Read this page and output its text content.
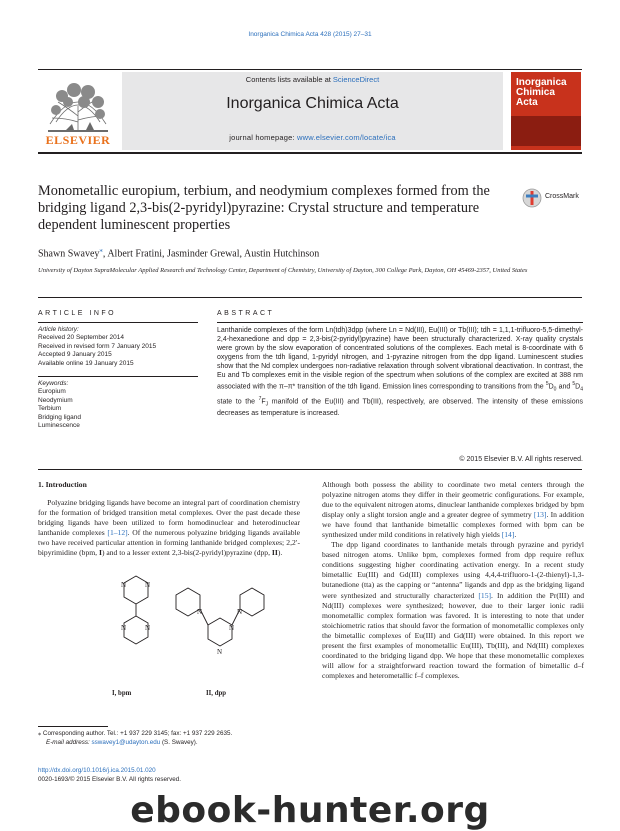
Inorganica Chimica Acta 428 (2015) 27–31
ELSEVIER
Contents lists available at ScienceDirect
Inorganica Chimica Acta
journal homepage: www.elsevier.com/locate/ica
Inorganica Chimica Acta
Monometallic europium, terbium, and neodymium complexes formed from the bridging ligand 2,3-bis(2-pyridyl)pyrazine: Crystal structure and temperature dependent luminescent properties
CrossMark
Shawn Swavey⁎, Albert Fratini, Jasminder Grewal, Austin Hutchinson
University of Dayton SupraMolecular Applied Research and Technology Center, Department of Chemistry, University of Dayton, 300 College Park, Dayton, OH 45469-2357, United States
ARTICLE INFO	ABSTRACT
Article history:
Received 20 September 2014
Received in revised form 7 January 2015
Accepted 9 January 2015
Available online 19 January 2015
Keywords:
Europium
Neodymium
Terbium
Bridging ligand
Luminescence
Lanthanide complexes of the form Ln(tdh)3dpp (where Ln = Nd(III), Eu(III) or Tb(III); tdh = 1,1,1-trifluoro-5,5-dimethyl-2,4-hexanedione and dpp = 2,3-bis(2-pyridyl)pyrazine) have been structurally characterized. X-ray quality crystals were grown by the slow evaporation of concentrated solutions of the complexes. Each metal is 8-coordinate with 6 oxygens from the tdh ligand, 1-pyridyl nitrogen, and 1-pyrazine nitrogen from the dpp ligand. Luminescent studies show that the Nd complex undergoes non-radiative relaxation through solvent vibrational deactivation. In contrast, the Eu and Tb complexes emit in the visible region of the spectrum when solutions of the complex are excited at 388 nm associated with the π–π* transition of the tdh ligand. Emission lines corresponding to transitions from the $^5D_0$ and $^5D_4$ state to the $^7F_J$ manifold of the Eu(III) and Tb(III), respectively, are observed. The intensity of these emissions decreases as temperature is increased.
© 2015 Elsevier B.V. All rights reserved.
1. Introduction

Polyazine bridging ligands have become an integral part of coordination chemistry for the formation of bridged transition metal complexes. Over the past decade these bridging ligands have been utilized to form homodinuclear and heterodinuclear lanthanide complexes [1–12]. Of the numerous polyazine bridging ligands available two have received particular attention in forming lanthanide bridged complexes; 2,2′-bipyrimidine (bpm, I) and to a lesser extent 2,3-bis(2-pyridyl)pyrazine (dpp, II).

N
N
N
N
N
N
N	N
I, bpm	II, dpp

Although both possess the ability to coordinate two metal centers through the polyazine nitrogen atoms they differ in their geometric configurations. For example, due to the equivalent nitrogen atoms, dinuclear lanthanide complexes bridged by bpm display only a slight torsion angle and a greater degree of symmetry [13]. In addition we have found that lanthanide bimetallic complexes formed with bpm can be synthesized under mild conditions in relatively high yields [14].

The dpp ligand coordinates to lanthanide metals through pyrazine and pyridyl based nitrogen atoms. Unlike bpm, complexes formed from dpp require reflux conditions suggesting higher coordinating activation energy. In a recent study bimetallic Eu(III) and Gd(III) complexes using 4,4,4-trifluoro-1-(2-thienyl)-1,3-butanedione (tta) as the capping or “antenna” ligands and dpp as the bridging ligand were synthesized and structurally characterized [15]. In addition the Pr(III) and Nd(III) complexes were synthesized; however, due to their larger ionic radii monometallic complex formation was favored. It is interesting to note that under stoichiometric ratios that should favor the formation of monometallic complexes only the bimetallic complexes of Eu(III) and Gd(III) were obtained. In this report we present the first examples of monometallic Eu(III), Tb(III), and Nd(III) complexes coordinated to the bridging ligand dpp. We hope that these monometallic complexes will allow for a straightforward reaction toward the formation of bimetallic d–f complexes and heterometallic f–f complexes.

⁎ Corresponding author. Tel.: +1 937 229 3145; fax: +1 937 229 2635.
E-mail address: sswavey1@udayton.edu (S. Swavey).
http://dx.doi.org/10.1016/j.ica.2015.01.020
0020-1693/© 2015 Elsevier B.V. All rights reserved.
ebook-hunter.org
